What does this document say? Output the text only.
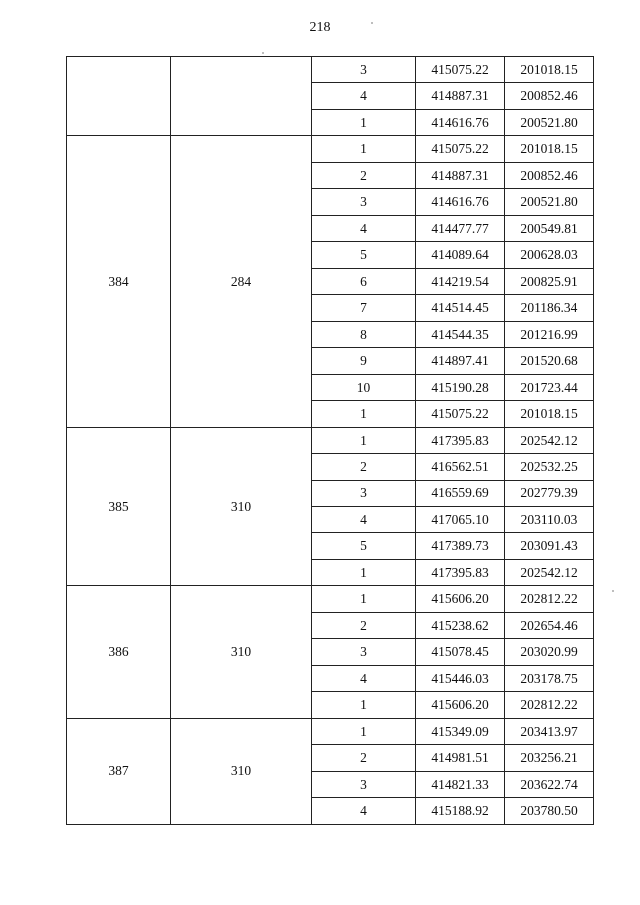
218
		3	415075.22	201018.15
		4	414887.31	200852.46
		1	414616.76	200521.80
384	284	1	415075.22	201018.15
		2	414887.31	200852.46
		3	414616.76	200521.80
		4	414477.77	200549.81
		5	414089.64	200628.03
		6	414219.54	200825.91
		7	414514.45	201186.34
		8	414544.35	201216.99
		9	414897.41	201520.68
		10	415190.28	201723.44
		1	415075.22	201018.15
385	310	1	417395.83	202542.12
		2	416562.51	202532.25
		3	416559.69	202779.39
		4	417065.10	203110.03
		5	417389.73	203091.43
		1	417395.83	202542.12
386	310	1	415606.20	202812.22
		2	415238.62	202654.46
		3	415078.45	203020.99
		4	415446.03	203178.75
		1	415606.20	202812.22
387	310	1	415349.09	203413.97
		2	414981.51	203256.21
		3	414821.33	203622.74
		4	415188.92	203780.50
